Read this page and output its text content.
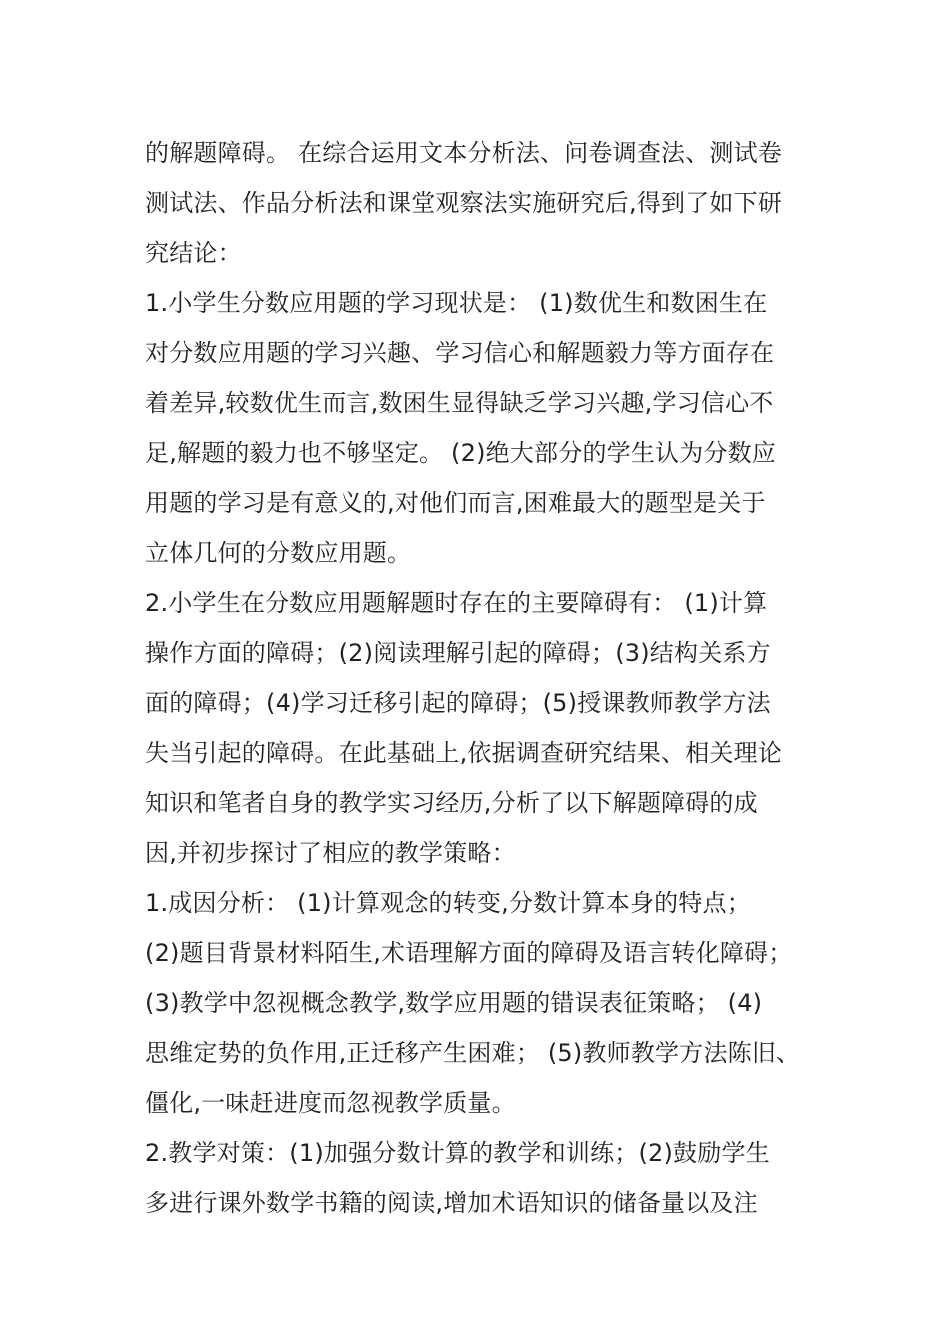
的解题障碍。 在综合运用文本分析法、问卷调查法、测试卷
测试法、作品分析法和课堂观察法实施研究后,得到了如下研
究结论：
1.小学生分数应用题的学习现状是： (1)数优生和数困生在
对分数应用题的学习兴趣、学习信心和解题毅力等方面存在
着差异,较数优生而言,数困生显得缺乏学习兴趣,学习信心不
足,解题的毅力也不够坚定。 (2)绝大部分的学生认为分数应
用题的学习是有意义的,对他们而言,困难最大的题型是关于
立体几何的分数应用题。
2.小学生在分数应用题解题时存在的主要障碍有： (1)计算
操作方面的障碍；(2)阅读理解引起的障碍；(3)结构关系方
面的障碍；(4)学习迁移引起的障碍；(5)授课教师教学方法
失当引起的障碍。在此基础上,依据调查研究结果、相关理论
知识和笔者自身的教学实习经历,分析了以下解题障碍的成
因,并初步探讨了相应的教学策略：
1.成因分析： (1)计算观念的转变,分数计算本身的特点；
(2)题目背景材料陌生,术语理解方面的障碍及语言转化障碍；
(3)教学中忽视概念教学,数学应用题的错误表征策略； (4)
思维定势的负作用,正迁移产生困难； (5)教师教学方法陈旧、
僵化,一味赶进度而忽视教学质量。
2.教学对策：(1)加强分数计算的教学和训练；(2)鼓励学生
多进行课外数学书籍的阅读,增加术语知识的储备量以及注
